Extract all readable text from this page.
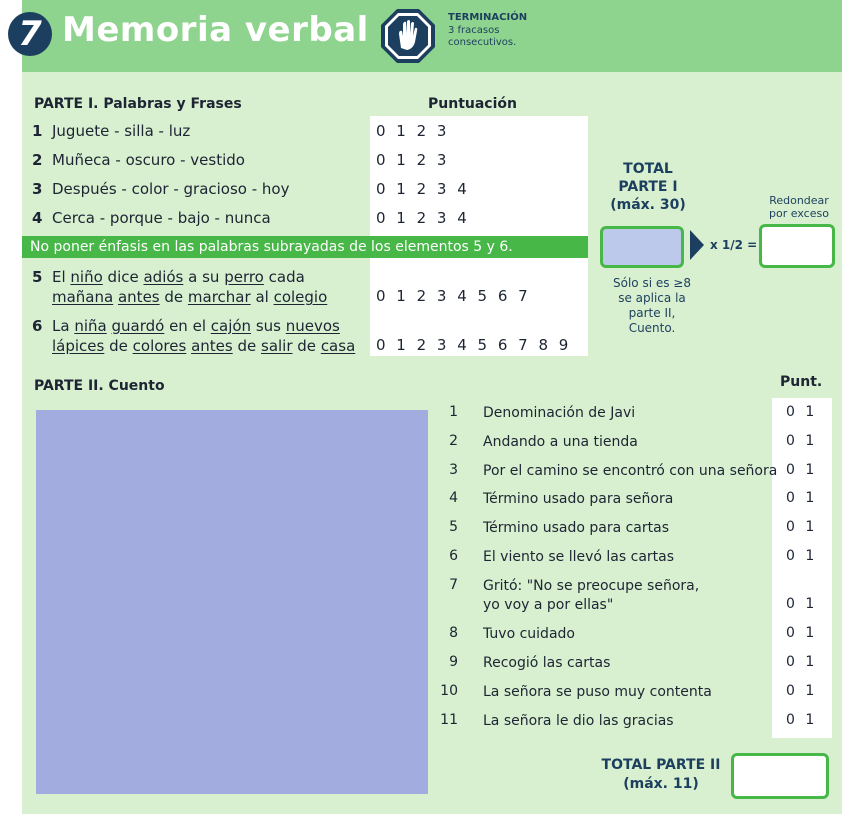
7 Memoria verbal	TERMINACIÓN
3 fracasos consecutivos.
PARTE I. Palabras y Frases	Puntuación
1 Juguete - silla - luz	0 1 2 3
2 Muñeca - oscuro - vestido	0 1 2 3
3 Después - color - gracioso - hoy	0 1 2 3 4
4 Cerca - porque - bajo - nunca	0 1 2 3 4
No poner énfasis en las palabras subrayadas de los elementos 5 y 6.
5 El niño dice adiós a su perro cada
mañana antes de marchar al colegio	0 1 2 3 4 5 6 7
6 La niña guardó en el cajón sus nuevos
lápices de colores antes de salir de casa 0 1 2 3 4 5 6 7 8 9
TOTAL
PARTE I
(máx. 30)
x 1/2 =
Redondear
por exceso
Sólo si es ≥8
se aplica la
parte II,
Cuento.
PARTE II. Cuento	Punt.
1 Denominación de Javi	0 1
2 Andando a una tienda	0 1
3 Por el camino se encontró con una señora 0 1
4 Término usado para señora	0 1
5 Término usado para cartas	0 1
6 El viento se llevó las cartas	0 1
7 Gritó: "No se preocupe señora,
yo voy a por ellas"	0 1
8 Tuvo cuidado	0 1
9 Recogió las cartas	0 1
10 La señora se puso muy contenta	0 1
11 La señora le dio las gracias	0 1
TOTAL PARTE II
(máx. 11)
